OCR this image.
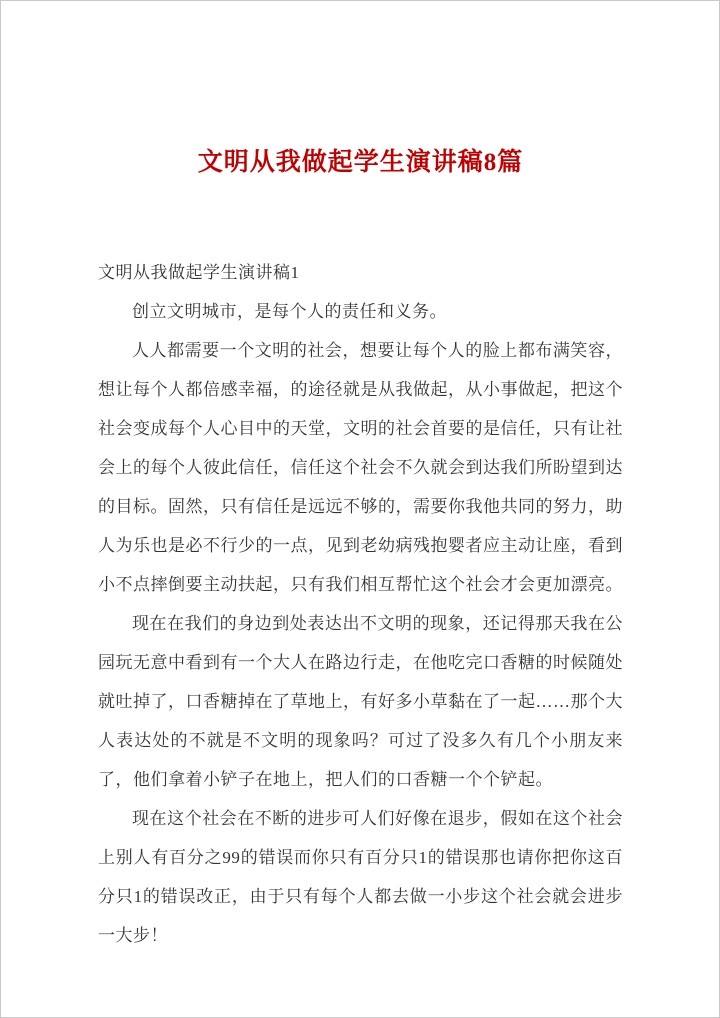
文明从我做起学生演讲稿8篇

文明从我做起学生演讲稿1

创立文明城市，是每个人的责任和义务。

人人都需要一个文明的社会，想要让每个人的脸上都布满笑容，想让每个人都倍感幸福，的途径就是从我做起，从小事做起，把这个社会变成每个人心目中的天堂，文明的社会首要的是信任，只有让社会上的每个人彼此信任，信任这个社会不久就会到达我们所盼望到达的目标。固然，只有信任是远远不够的，需要你我他共同的努力，助人为乐也是必不行少的一点，见到老幼病残抱婴者应主动让座，看到小不点摔倒要主动扶起，只有我们相互帮忙这个社会才会更加漂亮。

现在在我们的身边到处表达出不文明的现象，还记得那天我在公园玩无意中看到有一个大人在路边行走，在他吃完口香糖的时候随处就吐掉了，口香糖掉在了草地上，有好多小草黏在了一起……那个大人表达处的不就是不文明的现象吗？可过了没多久有几个小朋友来了，他们拿着小铲子在地上，把人们的口香糖一个个铲起。

现在这个社会在不断的进步可人们好像在退步，假如在这个社会上别人有百分之99的错误而你只有百分只1的错误那也请你把你这百分只1的错误改正，由于只有每个人都去做一小步这个社会就会进步一大步！
